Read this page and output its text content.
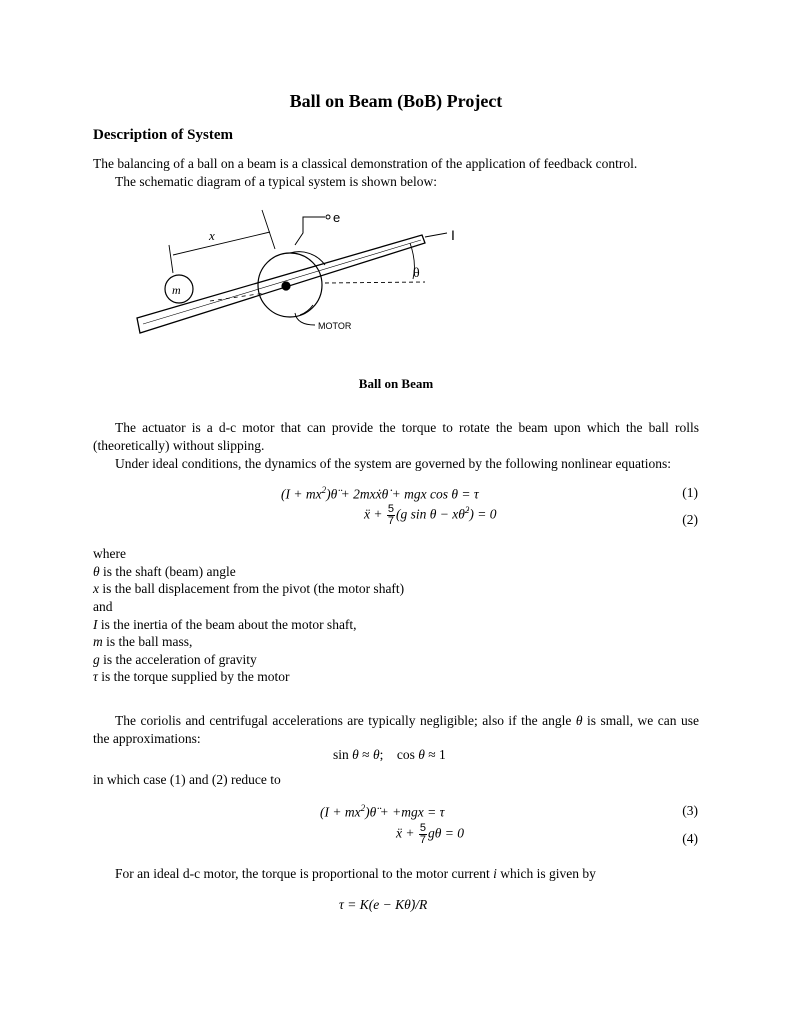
Ball on Beam (BoB) Project
Description of System
The balancing of a ball on a beam is a classical demonstration of the application of feedback control.
The schematic diagram of a typical system is shown below:
m
x
e
I
θ
MOTOR
Ball on Beam
The actuator is a d-c motor that can provide the torque to rotate the beam upon which the ball rolls (theoretically) without slipping.
Under ideal conditions, the dynamics of the system are governed by the following nonlinear equations:
$(I + mx^2)\thetä$ + 2mxẋθ̇ + mgx cos θ = τ	(1)
ẍ + $\frac{5}{7} (g$ sin θ − xθ̇$^2$) = 0	(2)
where
θ is the shaft (beam) angle
x is the ball displacement from the pivot (the motor shaft)
and
I is the inertia of the beam about the motor shaft,
m is the ball mass,
g is the acceleration of gravity
τ is the torque supplied by the motor
The coriolis and centrifugal accelerations are typically negligible; also if the angle θ is small, we can use the approximations:
sin θ ≈ θ;    cos θ ≈ 1
in which case (1) and (2) reduce to
$(I + mx^2)\thetä + +mgx = \tau$	(3)
ẍ + $\frac{5}{7}$ gθ = 0	(4)
For an ideal d-c motor, the torque is proportional to the motor current i which is given by
τ = K(e − Kθ̇)/R
